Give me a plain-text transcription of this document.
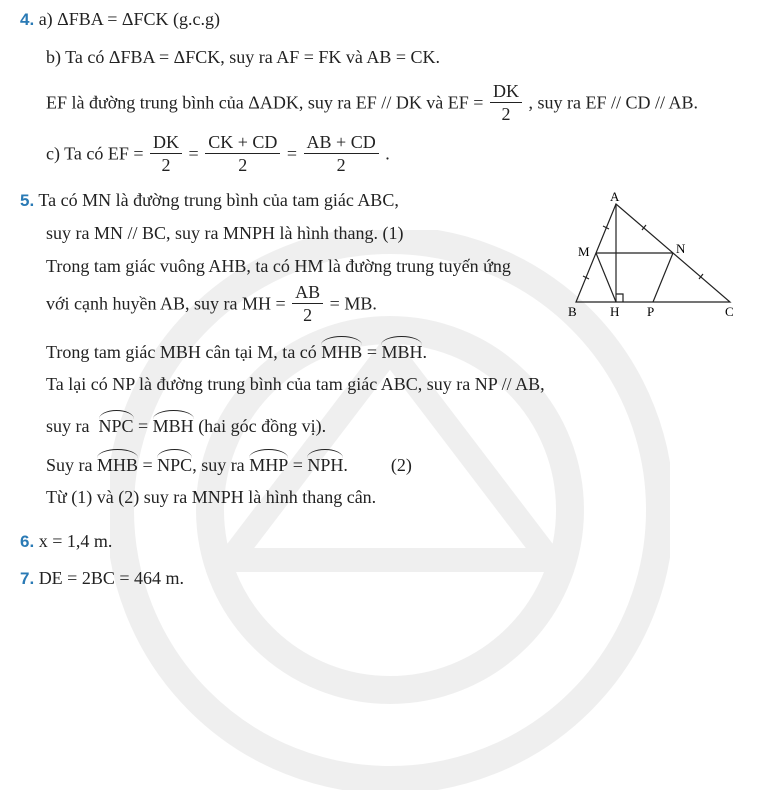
4. a) ΔFBA = ΔFCK (g.c.g)
b) Ta có ΔFBA = ΔFCK, suy ra AF = FK và AB = CK.
EF là đường trung bình của ΔADK, suy ra EF // DK và EF = $\frac{DK}{2}$ , suy ra EF // CD // AB.
c) Ta có EF = $\frac{DK}{2} = \frac{CK + CD}{2} = \frac{AB + CD}{2}$ .
5. Ta có MN là đường trung bình của tam giác ABC,
suy ra MN // BC, suy ra MNPH là hình thang. (1)
Trong tam giác vuông AHB, ta có HM là đường trung tuyến ứng
với cạnh huyền AB, suy ra MH = $\frac{AB}{2}$ = MB.
Trong tam giác MBH cân tại M, ta có MHB = MBH.
Ta lại có NP là đường trung bình của tam giác ABC, suy ra NP // AB,
suy ra NPC = MBH (hai góc đồng vị).
Suy ra MHB = NPC, suy ra MHP = NPH. (2)
Từ (1) và (2) suy ra MNPH là hình thang cân.
6. x = 1,4 m.
7. DE = 2BC = 464 m.
A
M	N
B	H P	C
